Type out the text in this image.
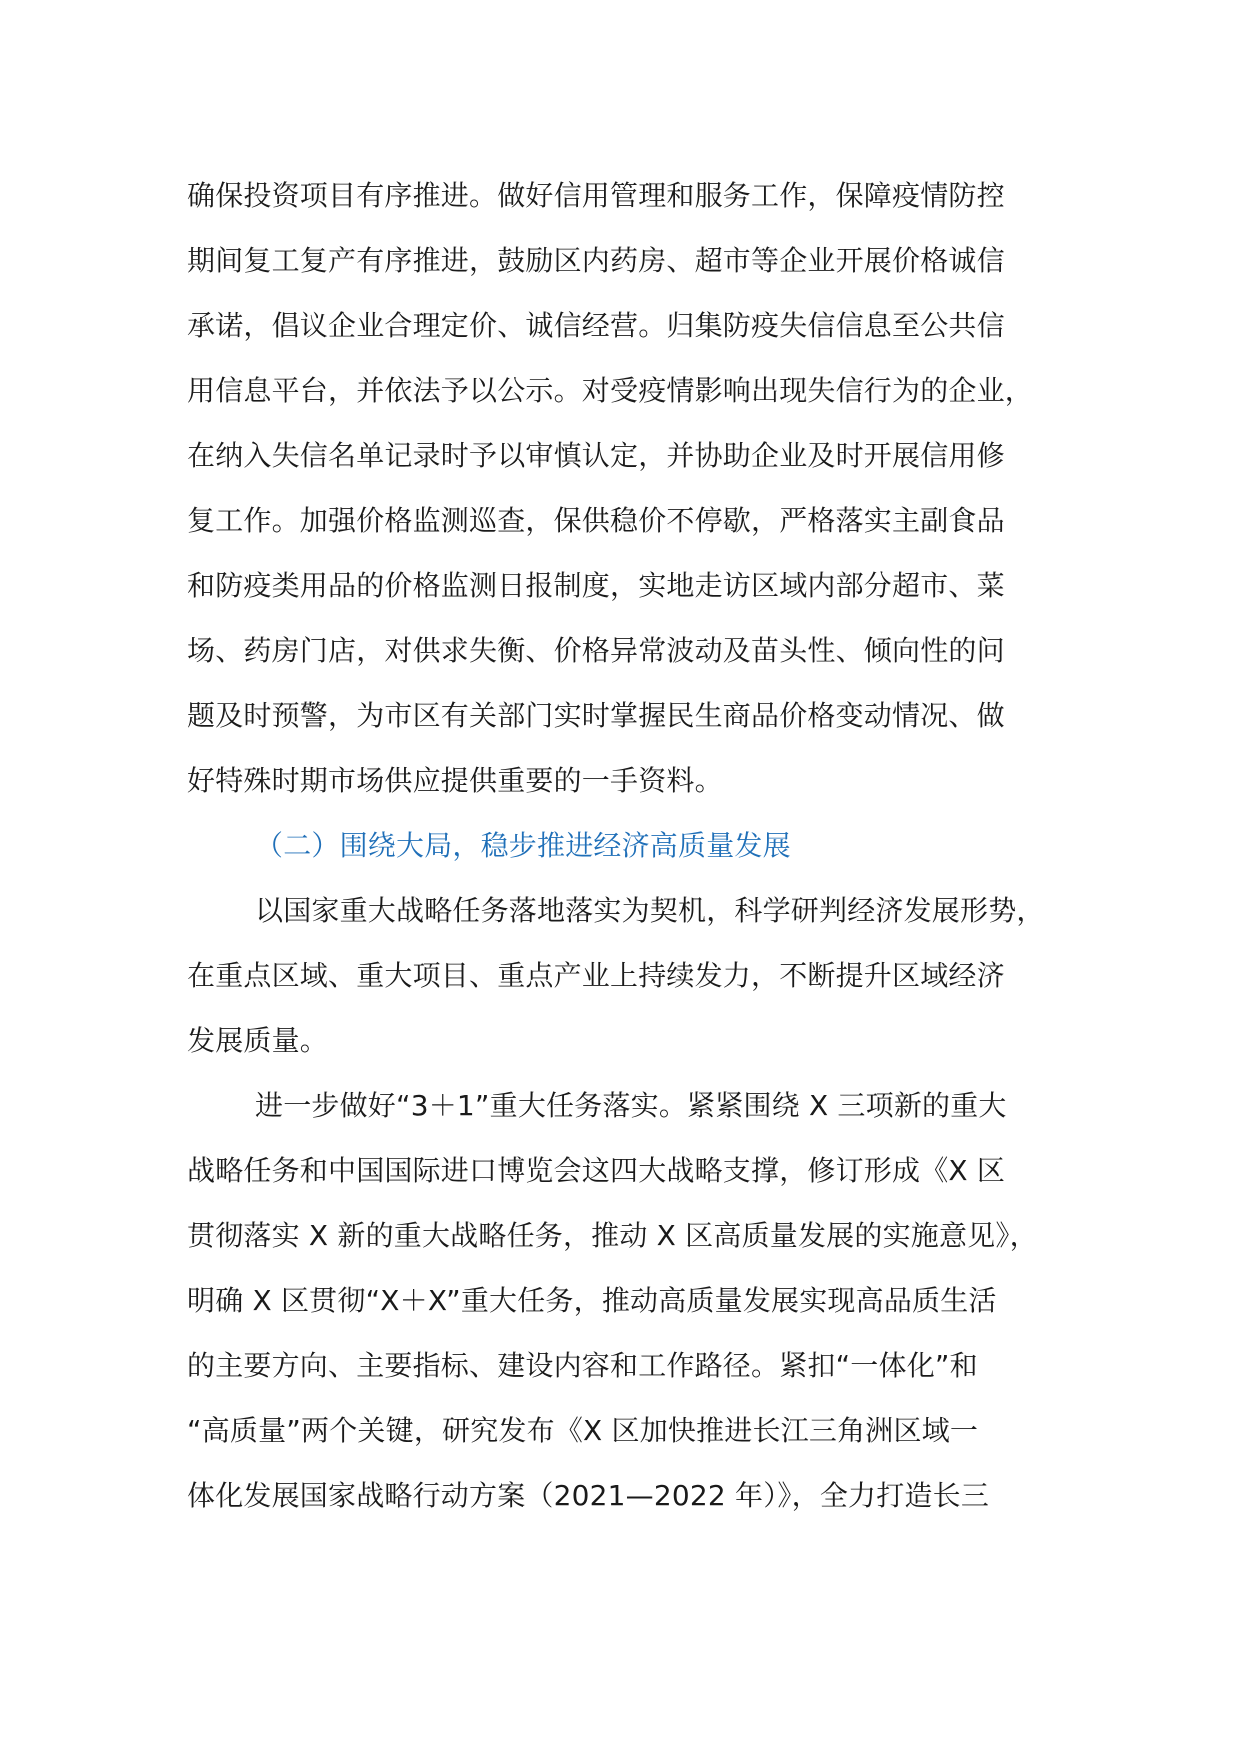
确保投资项目有序推进。做好信用管理和服务工作，保障疫情防控
期间复工复产有序推进，鼓励区内药房、超市等企业开展价格诚信
承诺，倡议企业合理定价、诚信经营。归集防疫失信信息至公共信
用信息平台，并依法予以公示。对受疫情影响出现失信行为的企业，
在纳入失信名单记录时予以审慎认定，并协助企业及时开展信用修
复工作。加强价格监测巡查，保供稳价不停歇，严格落实主副食品
和防疫类用品的价格监测日报制度，实地走访区域内部分超市、菜
场、药房门店，对供求失衡、价格异常波动及苗头性、倾向性的问
题及时预警，为市区有关部门实时掌握民生商品价格变动情况、做
好特殊时期市场供应提供重要的一手资料。
（二）围绕大局，稳步推进经济高质量发展
以国家重大战略任务落地落实为契机，科学研判经济发展形势，
在重点区域、重大项目、重点产业上持续发力，不断提升区域经济
发展质量。
进一步做好“3＋1”重大任务落实。紧紧围绕 X 三项新的重大
战略任务和中国国际进口博览会这四大战略支撑，修订形成《X 区
贯彻落实 X 新的重大战略任务，推动 X 区高质量发展的实施意见》，
明确 X 区贯彻“X＋X”重大任务，推动高质量发展实现高品质生活
的主要方向、主要指标、建设内容和工作路径。紧扣“一体化”和
“高质量”两个关键，研究发布《X 区加快推进长江三角洲区域一
体化发展国家战略行动方案（2021—2022 年）》，全力打造长三
